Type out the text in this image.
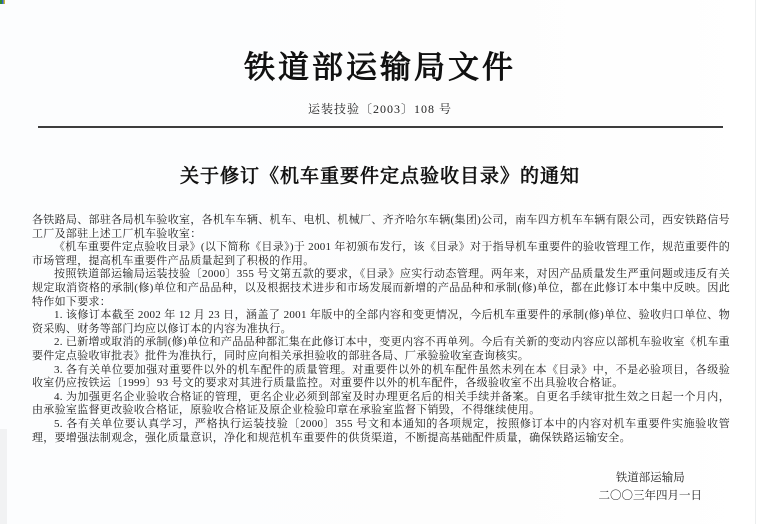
铁道部运输局文件
运装技验〔2003〕108 号
关于修订《机车重要件定点验收目录》的通知

各铁路局、部驻各局机车验收室，各机车车辆、机车、电机、机械厂、齐齐哈尔车辆(集团)公司，南车四方机车车辆有限公司，西安铁路信号工厂及部驻上述工厂机车验收室：

《机车重要件定点验收目录》(以下简称《目录》)于 2001 年初颁布发行，该《目录》对于指导机车重要件的验收管理工作，规范重要件的市场管理，提高机车重要件产品质量起到了积极的作用。

按照铁道部运输局运装技验〔2000〕355 号文第五款的要求，《目录》应实行动态管理。两年来，对因产品质量发生严重问题或违反有关规定取消资格的承制(修)单位和产品品种，以及根据技术进步和市场发展而新增的产品品种和承制(修)单位，都在此修订本中集中反映。因此特作如下要求：

1. 该修订本截至 2002 年 12 月 23 日，涵盖了 2001 年版中的全部内容和变更情况，今后机车重要件的承制(修)单位、验收归口单位、物资采购、财务等部门均应以修订本的内容为准执行。

2. 已新增或取消的承制(修)单位和产品品种都汇集在此修订本中，变更内容不再单列。今后有关新的变动内容应以部机车验收室《机车重要件定点验收审批表》批件为准执行，同时应向相关承担验收的部驻各局、厂承验验收室查询核实。

3. 各有关单位要加强对重要件以外的机车配件的质量管理。对重要件以外的机车配件虽然未列在本《目录》中，不是必验项目，各级验收室仍应按铁运〔1999〕93 号文的要求对其进行质量监控。对重要件以外的机车配件，各级验收室不出具验收合格证。

4. 为加强更名企业验收合格证的管理，更名企业必须到部室及时办理更名后的相关手续并备案。自更名手续审批生效之日起一个月内，由承验室监督更改验收合格证，原验收合格证及原企业检验印章在承验室监督下销毁，不得继续使用。

5. 各有关单位要认真学习，严格执行运装技验〔2000〕355 号文和本通知的各项规定，按照修订本中的内容对机车重要件实施验收管理，要增强法制观念，强化质量意识，净化和规范机车重要件的供货渠道，不断提高基础配件质量，确保铁路运输安全。

铁道部运输局
二〇〇三年四月一日
